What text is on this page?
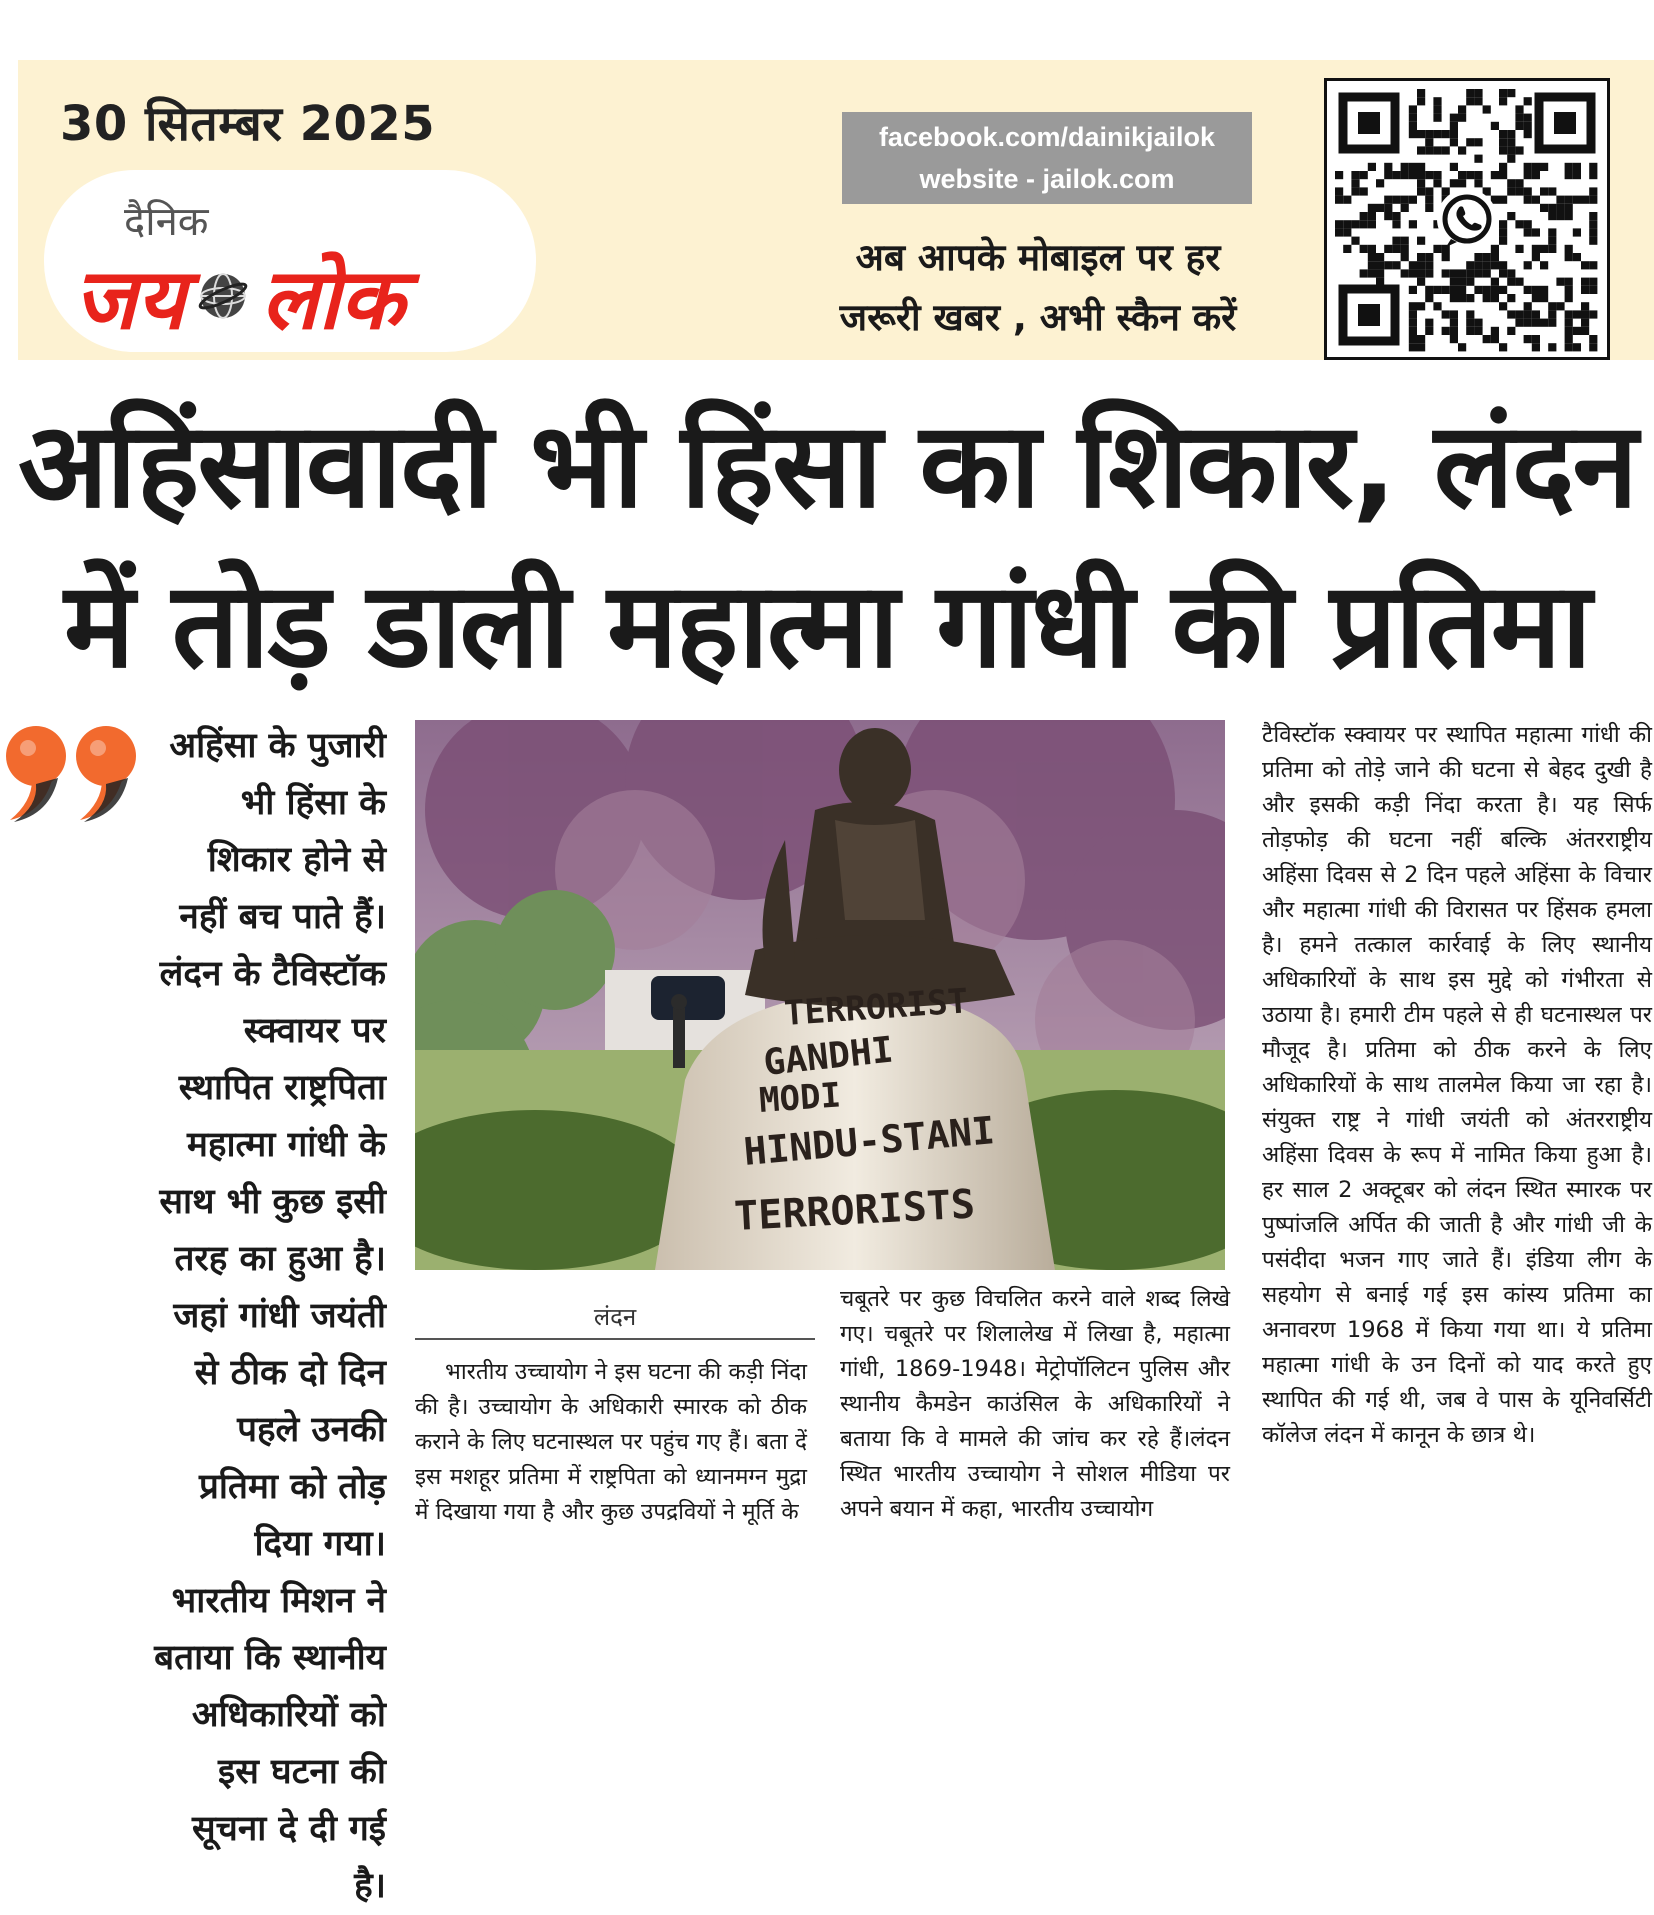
30 सितम्बर 2025
दैनिक
जय लोक
facebook.com/dainikjailok
website - jailok.com
अब आपके मोबाइल पर हर
जरूरी खबर , अभी स्कैन करें
अहिंसावादी भी हिंसा का शिकार, लंदन
में तोड़ डाली महात्मा गांधी की प्रतिमा
अहिंसा के पुजारी भी हिंसा के शिकार होने से नहीं बच पाते हैं। लंदन के टैविस्टॉक स्क्वायर पर स्थापित राष्ट्रपिता महात्मा गांधी के साथ भी कुछ इसी तरह का हुआ है। जहां गांधी जयंती से ठीक दो दिन पहले उनकी प्रतिमा को तोड़ दिया गया। भारतीय मिशन ने बताया कि स्थानीय अधिकारियों को इस घटना की सूचना दे दी गई है।
TERRORIST
GANDHI
MODI
HINDU-STANI
TERRORISTS
लंदन
भारतीय उच्चायोग ने इस घटना की कड़ी निंदा की है। उच्चायोग के अधिकारी स्मारक को ठीक कराने के लिए घटनास्थल पर पहुंच गए हैं। बता दें इस मशहूर प्रतिमा में राष्ट्रपिता को ध्यानमग्न मुद्रा में दिखाया गया है और कुछ उपद्रवियों ने मूर्ति के
चबूतरे पर कुछ विचलित करने वाले शब्द लिखे गए। चबूतरे पर शिलालेख में लिखा है, महात्मा गांधी, 1869-1948। मेट्रोपॉलिटन पुलिस और स्थानीय कैमडेन काउंसिल के अधिकारियों ने बताया कि वे मामले की जांच कर रहे हैं।लंदन स्थित भारतीय उच्चायोग ने सोशल मीडिया पर अपने बयान में कहा, भारतीय उच्चायोग
टैविस्टॉक स्क्वायर पर स्थापित महात्मा गांधी की प्रतिमा को तोड़े जाने की घटना से बेहद दुखी है और इसकी कड़ी निंदा करता है। यह सिर्फ तोड़फोड़ की घटना नहीं बल्कि अंतरराष्ट्रीय अहिंसा दिवस से 2 दिन पहले अहिंसा के विचार और महात्मा गांधी की विरासत पर हिंसक हमला है। हमने तत्काल कार्रवाई के लिए स्थानीय अधिकारियों के साथ इस मुद्दे को गंभीरता से उठाया है। हमारी टीम पहले से ही घटनास्थल पर मौजूद है। प्रतिमा को ठीक करने के लिए अधिकारियों के साथ तालमेल किया जा रहा है। संयुक्त राष्ट्र ने गांधी जयंती को अंतरराष्ट्रीय अहिंसा दिवस के रूप में नामित किया हुआ है। हर साल 2 अक्टूबर को लंदन स्थित स्मारक पर पुष्पांजलि अर्पित की जाती है और गांधी जी के पसंदीदा भजन गाए जाते हैं। इंडिया लीग के सहयोग से बनाई गई इस कांस्य प्रतिमा का अनावरण 1968 में किया गया था। ये प्रतिमा महात्मा गांधी के उन दिनों को याद करते हुए स्थापित की गई थी, जब वे पास के यूनिवर्सिटी कॉलेज लंदन में कानून के छात्र थे।
